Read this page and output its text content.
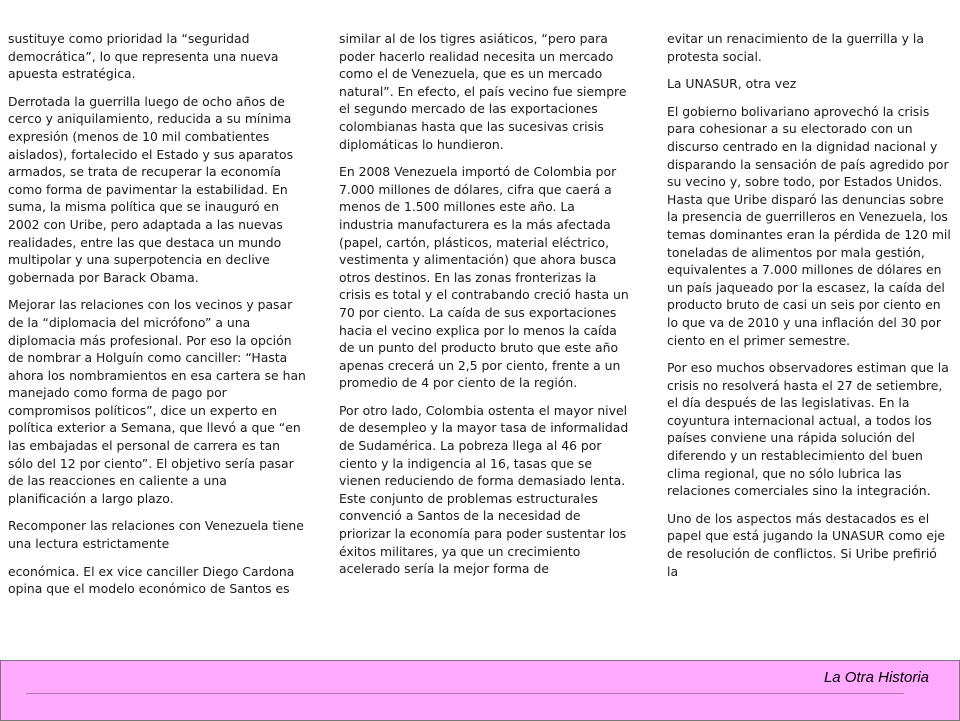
sustituye como prioridad la “seguridad democrática”, lo que representa una nueva apuesta estratégica.

Derrotada la guerrilla luego de ocho años de cerco y aniquilamiento, reducida a su mínima expresión (menos de 10 mil combatientes aislados), fortalecido el Estado y sus aparatos armados, se trata de recuperar la economía como forma de pavimentar la estabilidad. En suma, la misma política que se inauguró en 2002 con Uribe, pero adaptada a las nuevas realidades, entre las que destaca un mundo multipolar y una superpotencia en declive gobernada por Barack Obama.

Mejorar las relaciones con los vecinos y pasar de la “diplomacia del micrófono” a una diplomacia más profesional. Por eso la opción de nombrar a Holguín como canciller: “Hasta ahora los nombramientos en esa cartera se han manejado como forma de pago por compromisos políticos”, dice un experto en política exterior a Semana, que llevó a que “en las embajadas el personal de carrera es tan sólo del 12 por ciento”. El objetivo sería pasar de las reacciones en caliente a una planificación a largo plazo.

Recomponer las relaciones con Venezuela tiene una lectura estrictamente

económica. El ex vice canciller Diego Cardona opina que el modelo económico de Santos es

similar al de los tigres asiáticos, “pero para poder hacerlo realidad necesita un mercado como el de Venezuela, que es un mercado natural”. En efecto, el país vecino fue siempre el segundo mercado de las exportaciones colombianas hasta que las sucesivas crisis diplomáticas lo hundieron.

En 2008 Venezuela importó de Colombia por 7.000 millones de dólares, cifra que caerá a menos de 1.500 millones este año. La industria manufacturera es la más afectada (papel, cartón, plásticos, material eléctrico, vestimenta y alimentación) que ahora busca otros destinos. En las zonas fronterizas la crisis es total y el contrabando creció hasta un 70 por ciento. La caída de sus exportaciones hacia el vecino explica por lo menos la caída de un punto del producto bruto que este año apenas crecerá un 2,5 por ciento, frente a un promedio de 4 por ciento de la región.

Por otro lado, Colombia ostenta el mayor nivel de desempleo y la mayor tasa de informalidad de Sudamérica. La pobreza llega al 46 por ciento y la indigencia al 16, tasas que se vienen reduciendo de forma demasiado lenta. Este conjunto de problemas estructurales convenció a Santos de la necesidad de priorizar la economía para poder sustentar los éxitos militares, ya que un crecimiento acelerado sería la mejor forma de

evitar un renacimiento de la guerrilla y la protesta social.

La UNASUR, otra vez

El gobierno bolivariano aprovechó la crisis para cohesionar a su electorado con un discurso centrado en la dignidad nacional y disparando la sensación de país agredido por su vecino y, sobre todo, por Estados Unidos. Hasta que Uribe disparó las denuncias sobre la presencia de guerrilleros en Venezuela, los temas dominantes eran la pérdida de 120 mil toneladas de alimentos por mala gestión, equivalentes a 7.000 millones de dólares en un país jaqueado por la escasez, la caída del producto bruto de casi un seis por ciento en lo que va de 2010 y una inflación del 30 por ciento en el primer semestre.

Por eso muchos observadores estiman que la crisis no resolverá hasta el 27 de setiembre, el día después de las legislativas. En la coyuntura internacional actual, a todos los países conviene una rápida solución del diferendo y un restablecimiento del buen clima regional, que no sólo lubrica las relaciones comerciales sino la integración.

Uno de los aspectos más destacados es el papel que está jugando la UNASUR como eje de resolución de conflictos. Si Uribe prefirió la

La Otra Historia
